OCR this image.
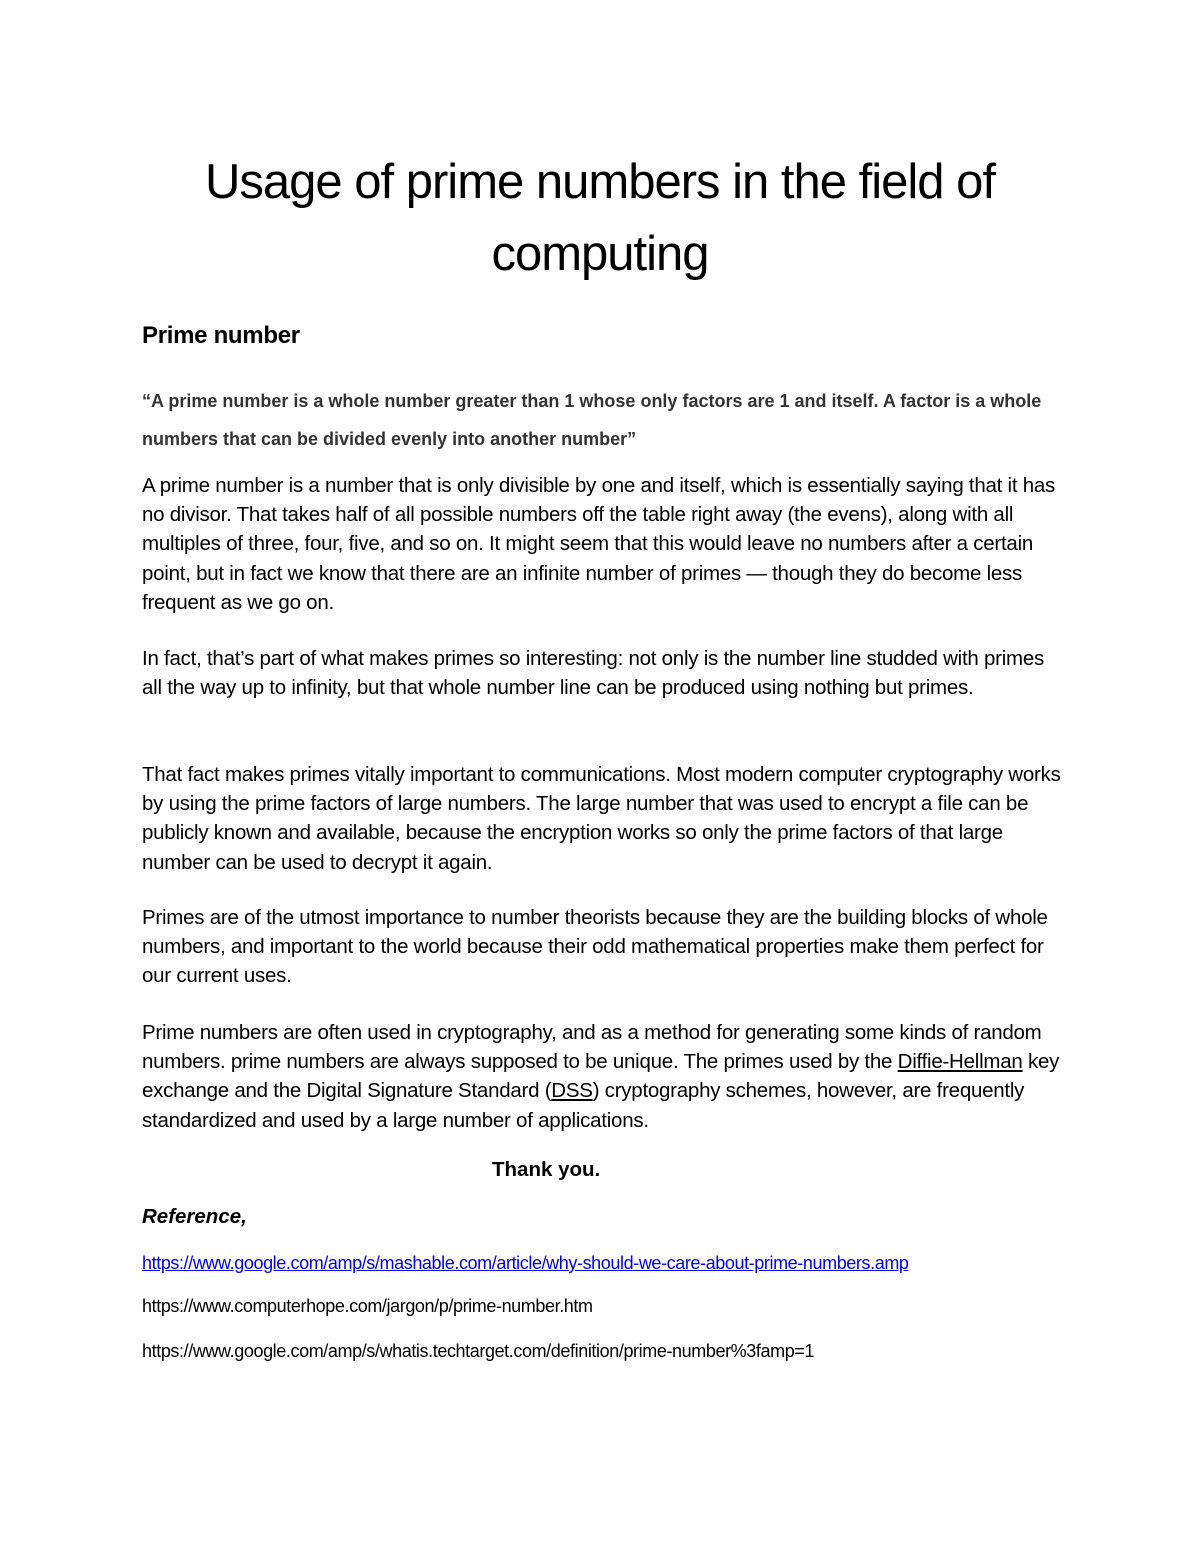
Usage of prime numbers in the field of computing
Prime number

“A prime number is a whole number greater than 1 whose only factors are 1 and itself. A factor is a whole numbers that can be divided evenly into another number”

A prime number is a number that is only divisible by one and itself, which is essentially saying that it has no divisor. That takes half of all possible numbers off the table right away (the evens), along with all multiples of three, four, five, and so on. It might seem that this would leave no numbers after a certain point, but in fact we know that there are an infinite number of primes — though they do become less frequent as we go on.

In fact, that’s part of what makes primes so interesting: not only is the number line studded with primes all the way up to infinity, but that whole number line can be produced using nothing but primes.

That fact makes primes vitally important to communications. Most modern computer cryptography works by using the prime factors of large numbers. The large number that was used to encrypt a file can be publicly known and available, because the encryption works so only the prime factors of that large number can be used to decrypt it again.

Primes are of the utmost importance to number theorists because they are the building blocks of whole numbers, and important to the world because their odd mathematical properties make them perfect for our current uses.

Prime numbers are often used in cryptography, and as a method for generating some kinds of random numbers. prime numbers are always supposed to be unique. The primes used by the Diffie-Hellman key exchange and the Digital Signature Standard (DSS) cryptography schemes, however, are frequently standardized and used by a large number of applications.

Thank you.

Reference,

https://www.google.com/amp/s/mashable.com/article/why-should-we-care-about-prime-numbers.amp

https://www.computerhope.com/jargon/p/prime-number.htm

https://www.google.com/amp/s/whatis.techtarget.com/definition/prime-number%3famp=1
